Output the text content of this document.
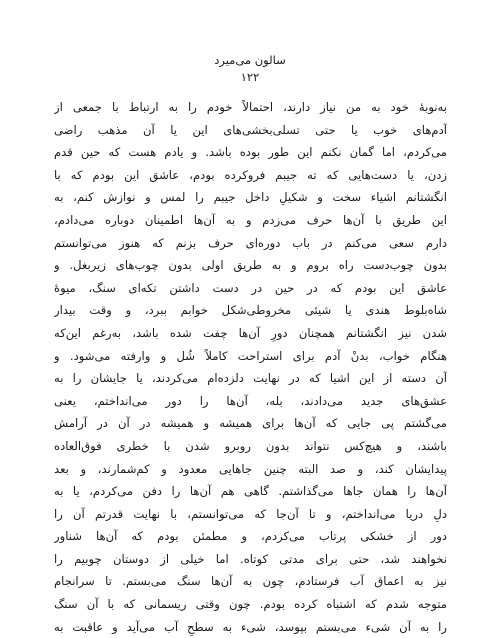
سالون می‌میرد
۱۲۲
به‌نوبهٔ خود به من نیاز دارند، احتمالاً خودم را به ارتباط با جمعی از
آدم‌های خوب یا حتی تسلی‌بخشی‌های این یا آن مذهب راضی
می‌کردم، اما گمان نکنم این طور بوده باشد. و یادم هست که حین قدم
زدن، یا دست‌هایی که ته جیبم فروکرده بودم، عاشق این بودم که با
انگشتانم اشیاء سخت و شکیلِ داخل جیبم را لمس و نوازش کنم، به
این طریق با آن‌ها حرف می‌زدم و به آن‌ها اطمینان دوباره می‌دادم،
دارم سعی می‌کنم در باب دوره‌ای حرف بزنم که هنوز می‌توانستم
بدون چوب‌دست راه بروم و به طریق اولی بدون چوب‌های زیربغل. و
عاشق این بودم که در حین در دست داشتن تکه‌ای سنگ، میوهٔ
شاه‌بلوط هندی یا شیئی مخروطی‌شکل خوابم ببرد، و وقت بیدار
شدن نیز انگشتانم همچنان دورِ آن‌ها چفت شده باشد، به‌رغم این‌که
هنگام خواب، بدنْ آدم برای استراحت کاملاً شُل و وارفته می‌شود. و
آن دسته از این اشیا که در نهایت دلزده‌ام می‌کردند، یا جایشان را به
عشق‌های جدید می‌دادند، بله، آن‌ها را دور می‌انداختم، یعنی
می‌گشتم پی جایی که آن‌ها برای همیشه و همیشه در آن در آرامش
باشند، و هیچ‌کس نتواند بدون روبرو شدن با خطری فوق‌العاده
پیدایشان کند، و صد البته چنین جاهایی معدود و کم‌شمارند، و بعد
آن‌ها را همان جاها می‌گذاشتم. گاهی هم آن‌ها را دفن می‌کردم، یا به
دلِ دریا می‌انداختم، و تا آن‌جا که می‌توانستم، با نهایت قدرتم آن را
دور از خشکی پرتاب می‌کردم، و مطمئن بودم که آن‌ها شناور
نخواهند شد، حتی برای مدتی کوتاه. اما خیلی از دوستان چوبیم را
نیز به اعماق آب فرستادم، چون به آن‌ها سنگ می‌بستم. تا سرانجام
متوجه شدم که اشتباه کرده بودم. چون وقتی ریسمانی که با آن سنگ
را به آن شیء می‌بستم بپوسد، شیء به سطحِ آب می‌آید و عاقبت به
